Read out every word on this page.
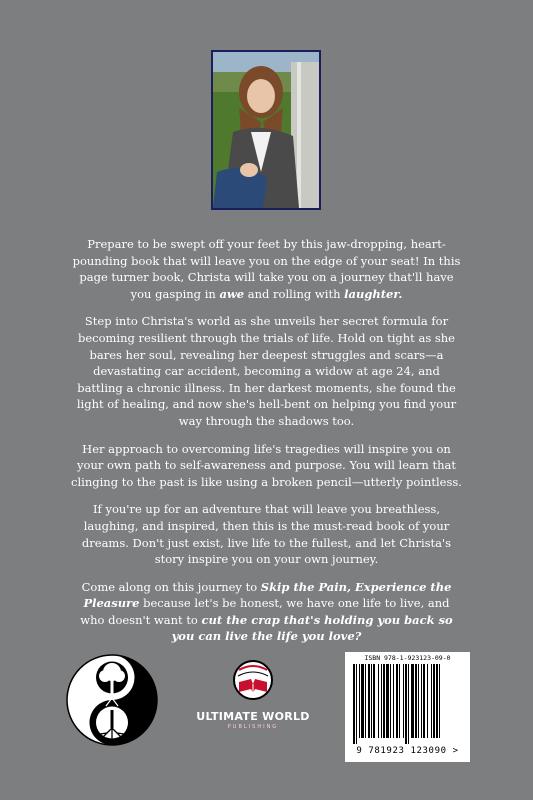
Prepare to be swept off your feet by this jaw-dropping, heart-pounding book that will leave you on the edge of your seat! In this page turner book, Christa will take you on a journey that'll have you gasping in awe and rolling with laughter.

Step into Christa's world as she unveils her secret formula for becoming resilient through the trials of life. Hold on tight as she bares her soul, revealing her deepest struggles and scars—a devastating car accident, becoming a widow at age 24, and battling a chronic illness. In her darkest moments, she found the light of healing, and now she's hell-bent on helping you find your way through the shadows too.

Her approach to overcoming life's tragedies will inspire you on your own path to self-awareness and purpose. You will learn that clinging to the past is like using a broken pencil—utterly pointless.

If you're up for an adventure that will leave you breathless, laughing, and inspired, then this is the must-read book of your dreams. Don't just exist, live life to the fullest, and let Christa's story inspire you on your own journey.

Come along on this journey to Skip the Pain, Experience the Pleasure because let's be honest, we have one life to live, and who doesn't want to cut the crap that's holding you back so you can live the life you love?

ULTIMATE WORLD
PUBLISHING
ISBN 978-1-923123-09-0
9 781923 123090 >
